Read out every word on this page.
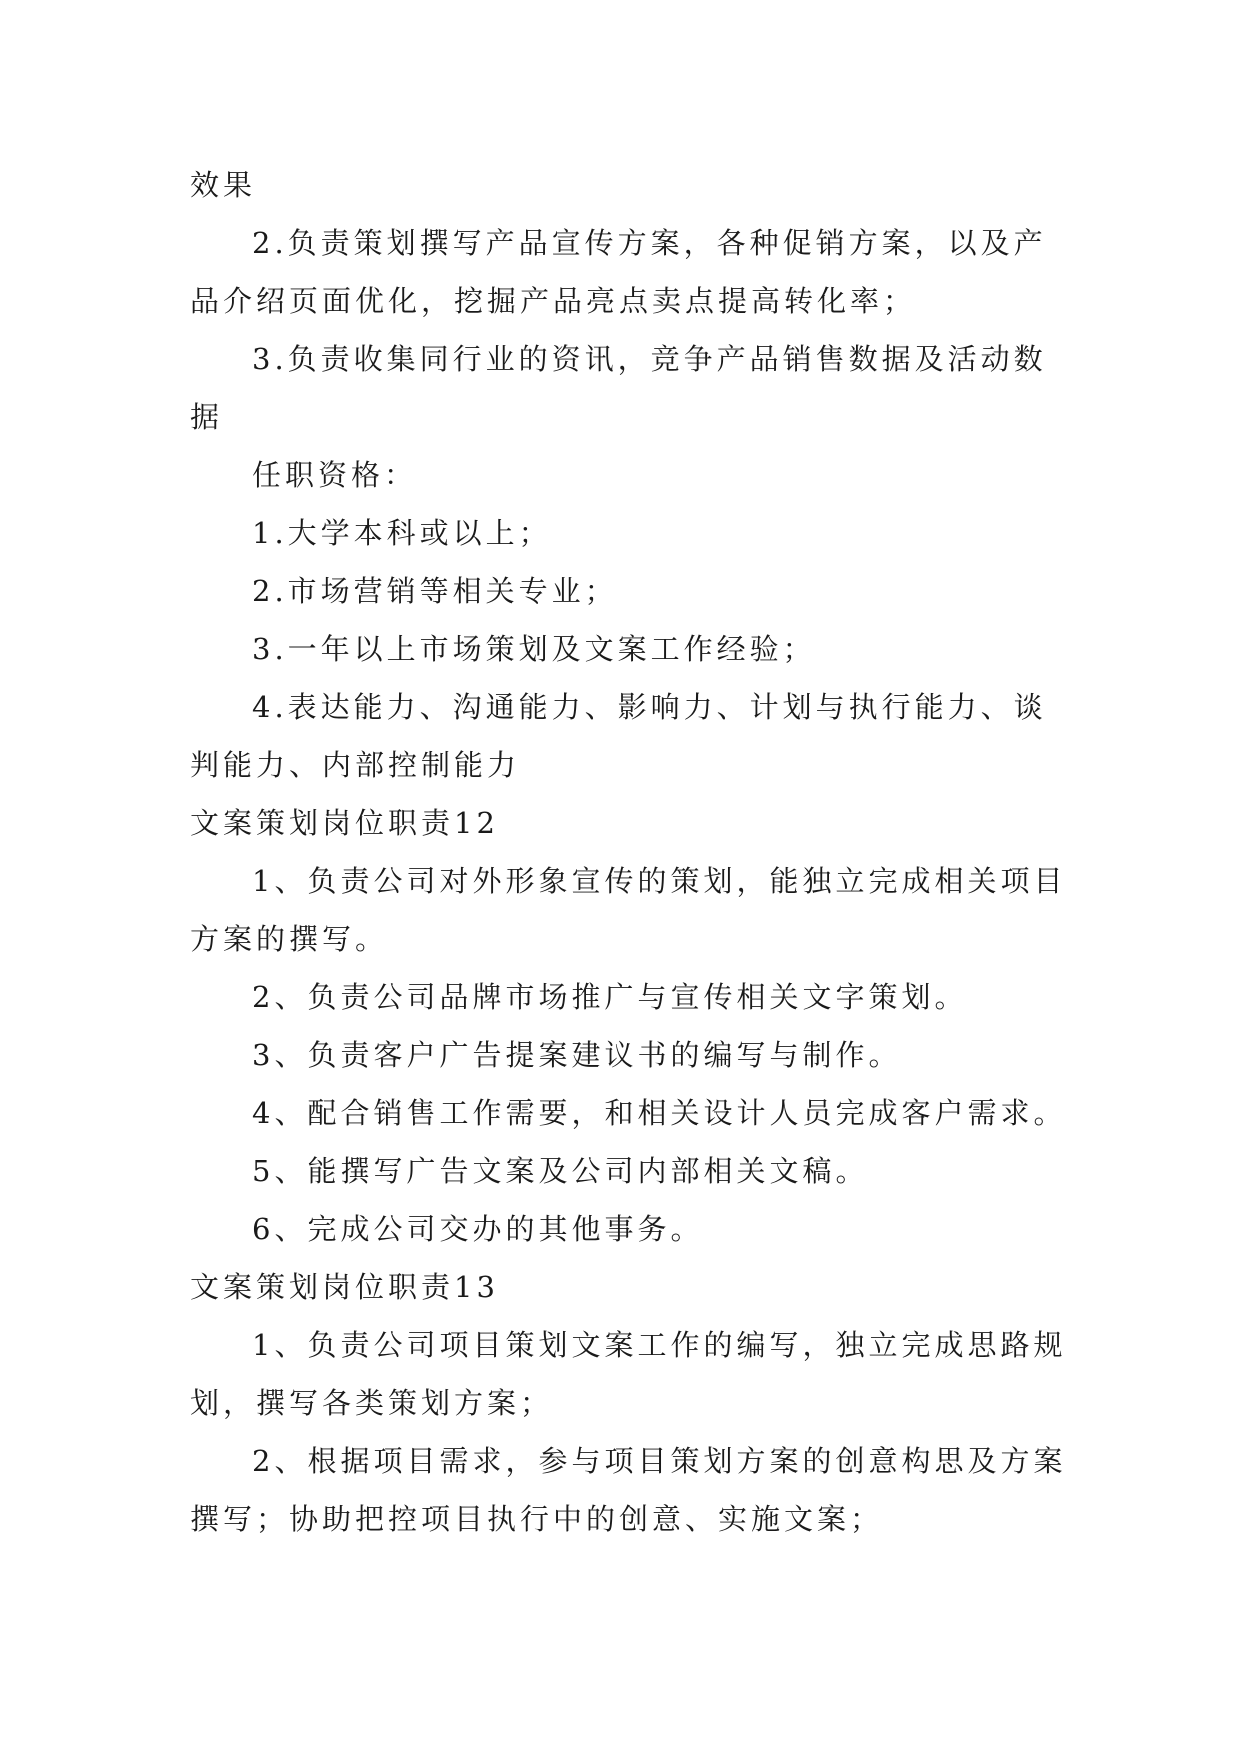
效果

2.负责策划撰写产品宣传方案，各种促销方案，以及产品介绍页面优化，挖掘产品亮点卖点提高转化率；

3.负责收集同行业的资讯，竞争产品销售数据及活动数据

任职资格：

1.大学本科或以上；

2.市场营销等相关专业；

3.一年以上市场策划及文案工作经验；

4.表达能力、沟通能力、影响力、计划与执行能力、谈判能力、内部控制能力

文案策划岗位职责12

1、负责公司对外形象宣传的策划，能独立完成相关项目方案的撰写。

2、负责公司品牌市场推广与宣传相关文字策划。

3、负责客户广告提案建议书的编写与制作。

4、配合销售工作需要，和相关设计人员完成客户需求。

5、能撰写广告文案及公司内部相关文稿。

6、完成公司交办的其他事务。

文案策划岗位职责13

1、负责公司项目策划文案工作的编写，独立完成思路规划，撰写各类策划方案；

2、根据项目需求，参与项目策划方案的创意构思及方案撰写；协助把控项目执行中的创意、实施文案；
